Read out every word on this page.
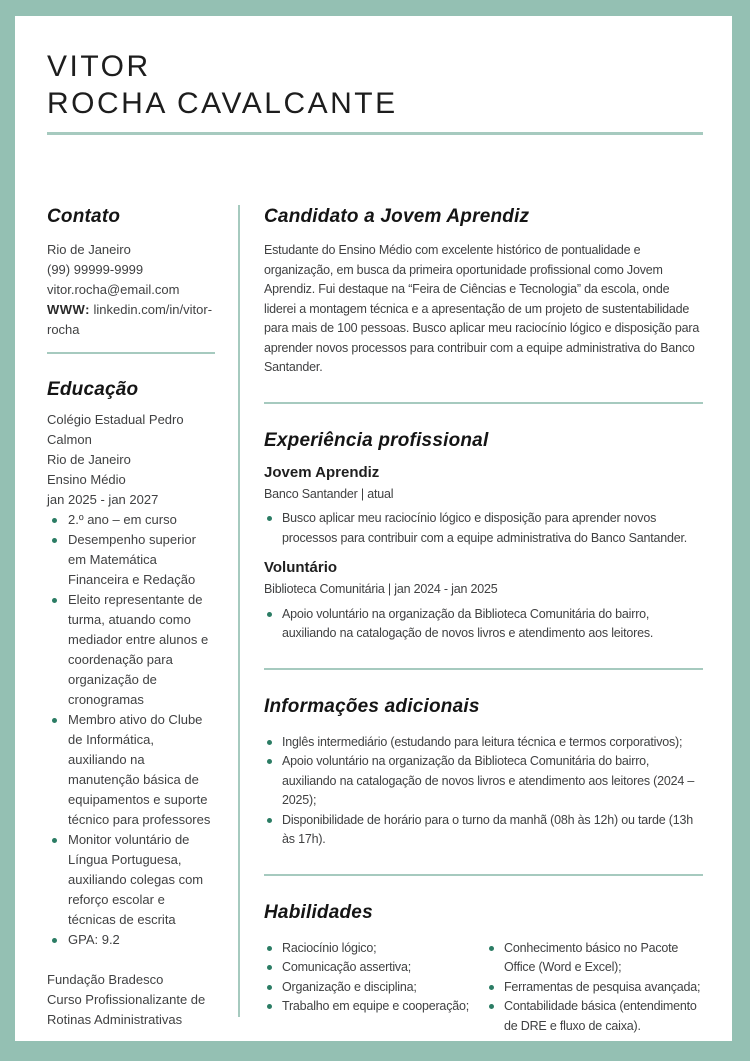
VITOR
ROCHA CAVALCANTE
Contato
Rio de Janeiro
(99) 99999-9999
vitor.rocha@email.com
WWW: linkedin.com/in/vitor-rocha
Educação
Colégio Estadual Pedro Calmon
Rio de Janeiro
Ensino Médio
jan 2025 - jan 2027
2.º ano – em curso
Desempenho superior em Matemática Financeira e Redação
Eleito representante de turma, atuando como mediador entre alunos e coordenação para organização de cronogramas
Membro ativo do Clube de Informática, auxiliando na manutenção básica de equipamentos e suporte técnico para professores
Monitor voluntário de Língua Portuguesa, auxiliando colegas com reforço escolar e técnicas de escrita
GPA: 9.2
Fundação Bradesco
Curso Profissionalizante de Rotinas Administrativas
Candidato a Jovem Aprendiz

Estudante do Ensino Médio com excelente histórico de pontualidade e organização, em busca da primeira oportunidade profissional como Jovem Aprendiz. Fui destaque na “Feira de Ciências e Tecnologia” da escola, onde liderei a montagem técnica e a apresentação de um projeto de sustentabilidade para mais de 100 pessoas. Busco aplicar meu raciocínio lógico e disposição para aprender novos processos para contribuir com a equipe administrativa do Banco Santander.

Experiência profissional
Jovem Aprendiz
Banco Santander | atual
Busco aplicar meu raciocínio lógico e disposição para aprender novos processos para contribuir com a equipe administrativa do Banco Santander.
Voluntário
Biblioteca Comunitária | jan 2024 - jan 2025
Apoio voluntário na organização da Biblioteca Comunitária do bairro, auxiliando na catalogação de novos livros e atendimento aos leitores.
Informações adicionais
Inglês intermediário (estudando para leitura técnica e termos corporativos);
Apoio voluntário na organização da Biblioteca Comunitária do bairro, auxiliando na catalogação de novos livros e atendimento aos leitores (2024 – 2025);
Disponibilidade de horário para o turno da manhã (08h às 12h) ou tarde (13h às 17h).
Habilidades
Raciocínio lógico;
Comunicação assertiva;
Organização e disciplina;
Trabalho em equipe e cooperação;
Conhecimento básico no Pacote Office (Word e Excel);
Ferramentas de pesquisa avançada;
Contabilidade básica (entendimento de DRE e fluxo de caixa).
